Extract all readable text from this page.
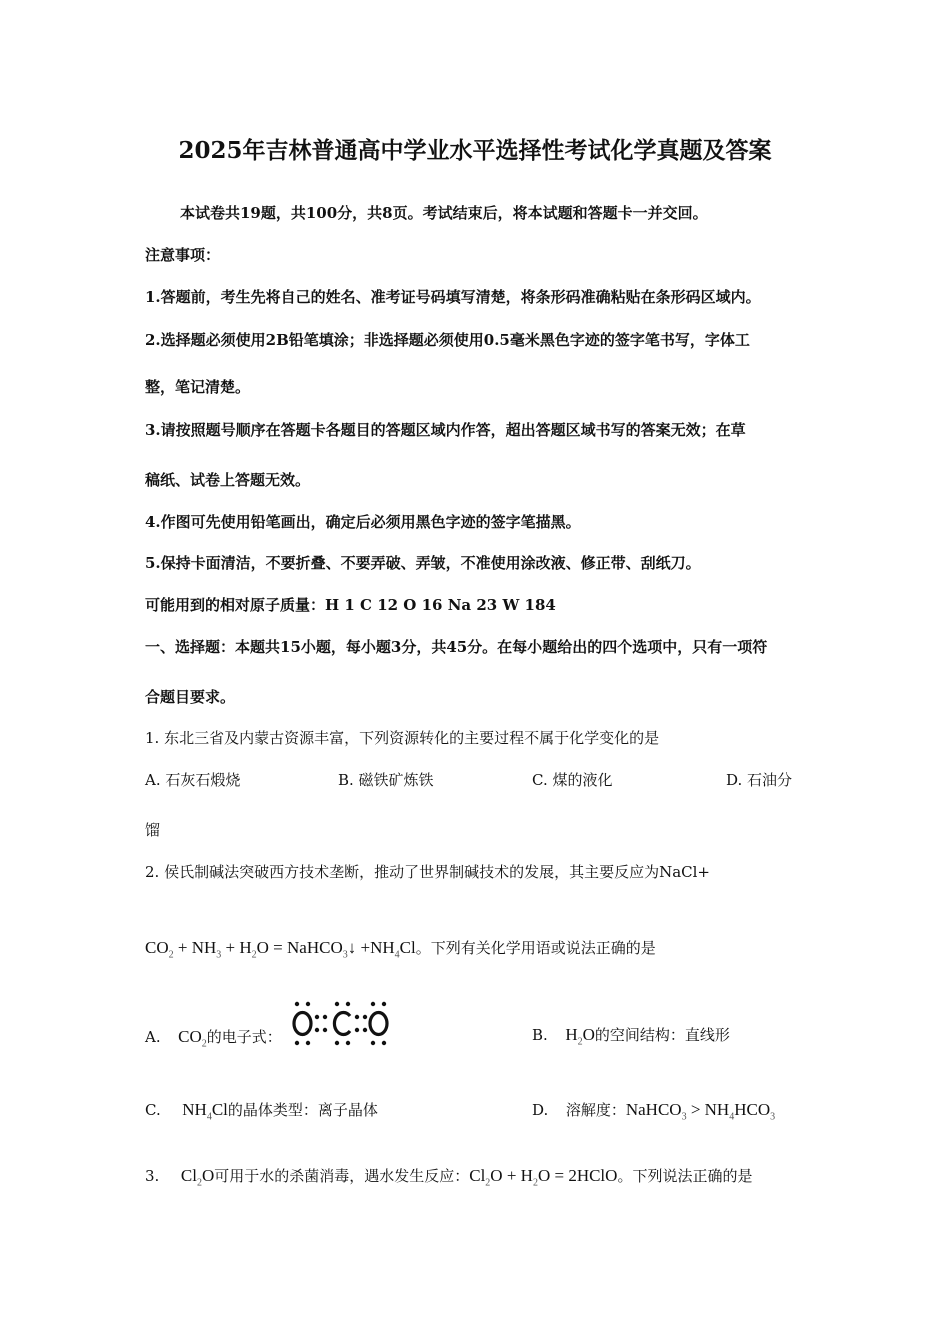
2025年吉林普通高中学业水平选择性考试化学真题及答案
本试卷共19题，共100分，共8页。考试结束后，将本试题和答题卡一并交回。
注意事项：
1.答题前，考生先将自己的姓名、准考证号码填写清楚，将条形码准确粘贴在条形码区域内。
2.选择题必须使用2B铅笔填涂；非选择题必须使用0.5毫米黑色字迹的签字笔书写，字体工
整，笔记清楚。
3.请按照题号顺序在答题卡各题目的答题区域内作答，超出答题区域书写的答案无效；在草
稿纸、试卷上答题无效。
4.作图可先使用铅笔画出，确定后必须用黑色字迹的签字笔描黑。
5.保持卡面清洁，不要折叠、不要弄破、弄皱，不准使用涂改液、修正带、刮纸刀。
可能用到的相对原子质量：H 1 C 12 O 16 Na 23 W 184
一、选择题：本题共15小题，每小题3分，共45分。在每小题给出的四个选项中，只有一项符
合题目要求。
1. 东北三省及内蒙古资源丰富，下列资源转化的主要过程不属于化学变化的是
A. 石灰石煅烧	B. 磁铁矿炼铁	C. 煤的液化	D. 石油分
馏
2. 侯氏制碱法突破西方技术垄断，推动了世界制碱技术的发展，其主要反应为NaCl+
$CO_2 + NH_3 + H_2O$ = NaHCO$_3$↓ $+NH_4Cl$。下列有关化学用语或说法正确的是
A. $CO_2$的电子式：	B. $H_2O$的空间结构：直线形
C. $NH_4Cl$的晶体类型：离子晶体	D. 溶解度：NaHCO$_3$ > $NH_4HCO_3$
3. $Cl_2O$可用于水的杀菌消毒，遇水发生反应：$Cl_2O + H_2O$ = 2HClO。下列说法正确的是
